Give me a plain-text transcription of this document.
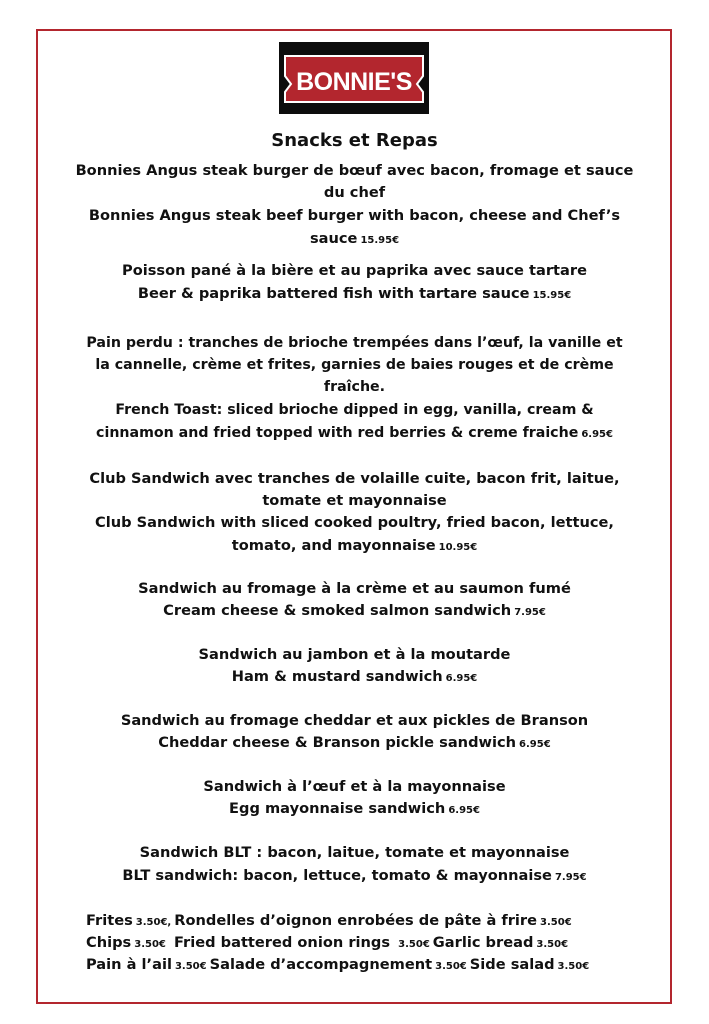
BONNIE'S
Snacks et Repas
Bonnies Angus steak burger de bœuf avec bacon, fromage et sauce
du chef
Bonnies Angus steak beef burger with bacon, cheese and Chef’s
sauce 15.95€
Poisson pané à la bière et au paprika avec sauce tartare
Beer & paprika battered fish with tartare sauce 15.95€
Pain perdu : tranches de brioche trempées dans l’œuf, la vanille et
la cannelle, crème et frites, garnies de baies rouges et de crème
fraîche.
French Toast: sliced brioche dipped in egg, vanilla, cream &
cinnamon and fried topped with red berries & creme fraiche 6.95€
Club Sandwich avec tranches de volaille cuite, bacon frit, laitue,
tomate et mayonnaise
Club Sandwich with sliced cooked poultry, fried bacon, lettuce,
tomato, and mayonnaise 10.95€
Sandwich au fromage à la crème et au saumon fumé
Cream cheese & smoked salmon sandwich 7.95€
Sandwich au jambon et à la moutarde
Ham & mustard sandwich 6.95€
Sandwich au fromage cheddar et aux pickles de Branson
Cheddar cheese & Branson pickle sandwich 6.95€
Sandwich à l’œuf et à la mayonnaise
Egg mayonnaise sandwich 6.95€
Sandwich BLT : bacon, laitue, tomate et mayonnaise
BLT sandwich: bacon, lettuce, tomato & mayonnaise 7.95€
Frites 3.50€, Rondelles d’oignon enrobées de pâte à frire 3.50€
Chips 3.50€ Fried battered onion rings 3.50€ Garlic bread 3.50€
Pain à l’ail 3.50€ Salade d’accompagnement 3.50€ Side salad 3.50€
